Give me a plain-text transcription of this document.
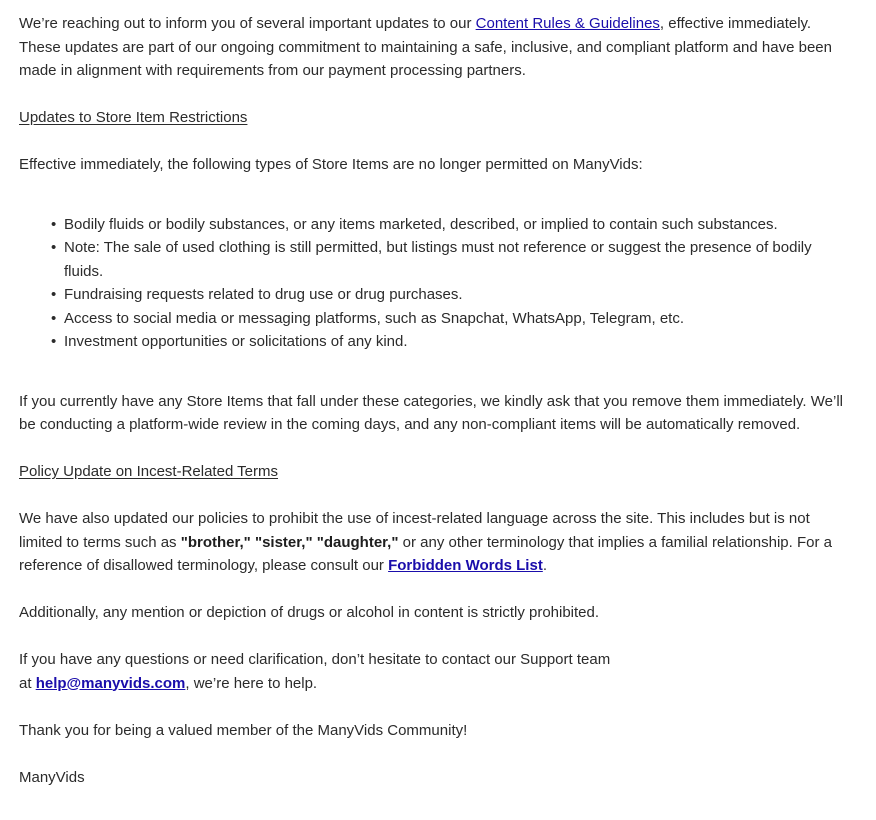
We’re reaching out to inform you of several important updates to our Content Rules & Guidelines, effective immediately. These updates are part of our ongoing commitment to maintaining a safe, inclusive, and compliant platform and have been made in alignment with requirements from our payment processing partners.

Updates to Store Item Restrictions

Effective immediately, the following types of Store Items are no longer permitted on ManyVids:

• Bodily fluids or bodily substances, or any items marketed, described, or implied to contain such substances.
• Note: The sale of used clothing is still permitted, but listings must not reference or suggest the presence of bodily fluids.
• Fundraising requests related to drug use or drug purchases.
• Access to social media or messaging platforms, such as Snapchat, WhatsApp, Telegram, etc.
• Investment opportunities or solicitations of any kind.

If you currently have any Store Items that fall under these categories, we kindly ask that you remove them immediately. We’ll be conducting a platform-wide review in the coming days, and any non-compliant items will be automatically removed.

Policy Update on Incest-Related Terms

We have also updated our policies to prohibit the use of incest-related language across the site. This includes but is not limited to terms such as "brother," "sister," "daughter," or any other terminology that implies a familial relationship. For a reference of disallowed terminology, please consult our Forbidden Words List.

Additionally, any mention or depiction of drugs or alcohol in content is strictly prohibited.

If you have any questions or need clarification, don’t hesitate to contact our Support team
at help@manyvids.com, we’re here to help.

Thank you for being a valued member of the ManyVids Community!

ManyVids
